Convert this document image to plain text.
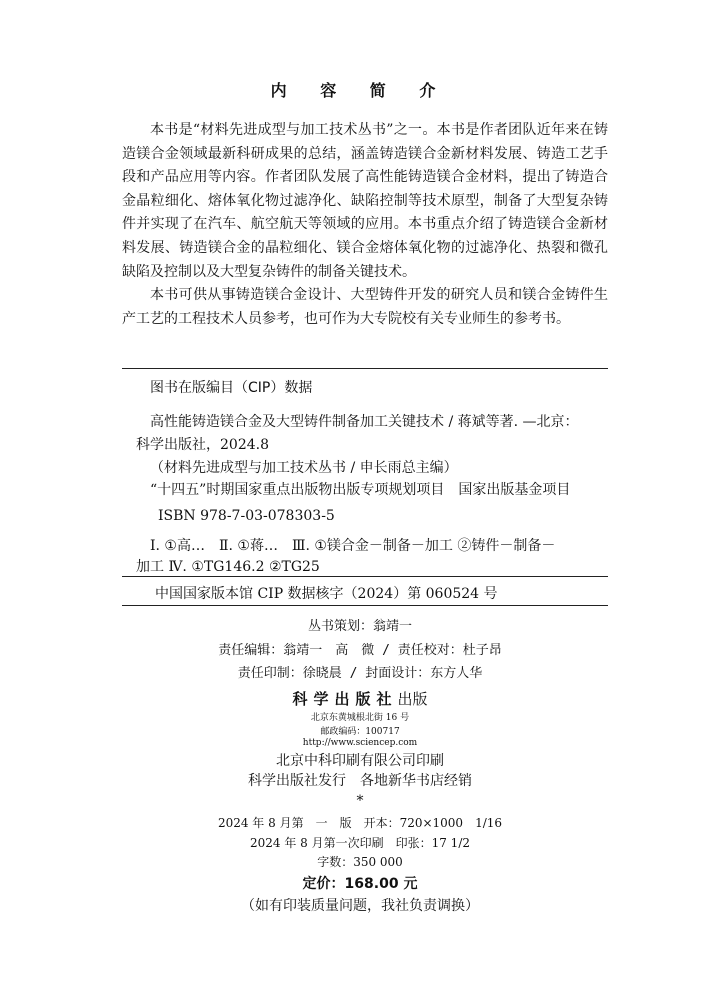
内 容 简 介

本书是“材料先进成型与加工技术丛书”之一。本书是作者团队近年来在铸造镁合金领域最新科研成果的总结，涵盖铸造镁合金新材料发展、铸造工艺手段和产品应用等内容。作者团队发展了高性能铸造镁合金材料，提出了铸造合金晶粒细化、熔体氧化物过滤净化、缺陷控制等技术原型，制备了大型复杂铸件并实现了在汽车、航空航天等领域的应用。本书重点介绍了铸造镁合金新材料发展、铸造镁合金的晶粒细化、镁合金熔体氧化物的过滤净化、热裂和微孔缺陷及控制以及大型复杂铸件的制备关键技术。

本书可供从事铸造镁合金设计、大型铸件开发的研究人员和镁合金铸件生产工艺的工程技术人员参考，也可作为大专院校有关专业师生的参考书。

图书在版编目（CIP）数据
高性能铸造镁合金及大型铸件制备加工关键技术 / 蒋斌等著. —北京：
科学出版社，2024.8
（材料先进成型与加工技术丛书 / 申长雨总主编）
“十四五”时期国家重点出版物出版专项规划项目　国家出版基金项目
ISBN 978-7-03-078303-5
Ⅰ. ①高…　Ⅱ. ①蒋…　Ⅲ. ①镁合金－制备－加工 ②铸件－制备－
加工 Ⅳ. ①TG146.2 ②TG25
中国国家版本馆 CIP 数据核字（2024）第 060524 号
丛书策划：翁靖一
责任编辑：翁靖一　高　微 / 责任校对：杜子昂
责任印制：徐晓晨 / 封面设计：东方人华
科学出版社出版
北京东黄城根北街 16 号
邮政编码：100717
http://www.sciencep.com
北京中科印刷有限公司印刷
科学出版社发行　各地新华书店经销
*
2024 年 8 月第　一　版　开本：720×1000　1/16
2024 年 8 月第一次印刷　印张：17 1/2
字数：350 000
定价：168.00 元
（如有印装质量问题，我社负责调换）
